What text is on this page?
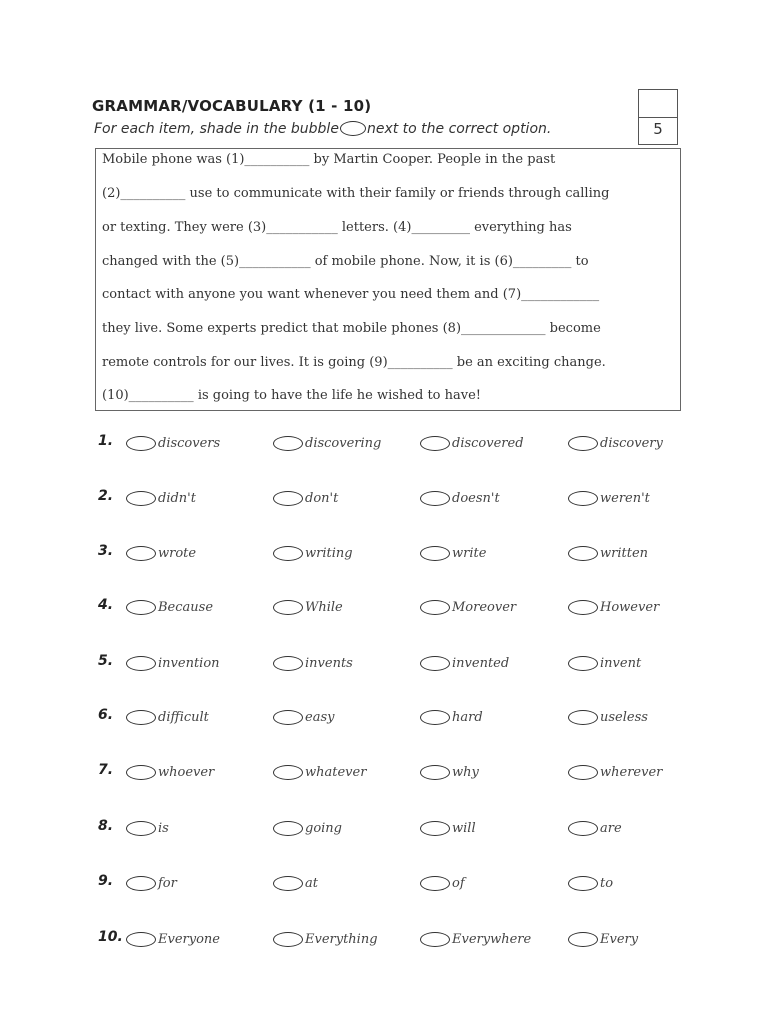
GRAMMAR/VOCABULARY (1 - 10)
For each item, shade in the bubble next to the correct option.	5
Mobile phone was (1)__________ by Martin Cooper. People in the past
(2)__________ use to communicate with their family or friends through calling
or texting. They were (3)___________ letters. (4)_________ everything has
changed with the (5)___________ of mobile phone. Now, it is (6)_________ to
contact with anyone you want whenever you need them and (7)____________
they live. Some experts predict that mobile phones (8)_____________ become
remote controls for our lives. It is going (9)__________ be an exciting change.
(10)__________ is going to have the life he wished to have!
1.	discovers	discovering	discovered	discovery
2.	didn't	don't	doesn't	weren't
3.	wrote	writing	write	written
4.	Because	While	Moreover	However
5.	invention	invents	invented	invent
6.	difficult	easy	hard	useless
7.	whoever	whatever	why	wherever
8.	is	going	will	are
9.	for	at	of	to
10.	Everyone	Everything	Everywhere	Every
